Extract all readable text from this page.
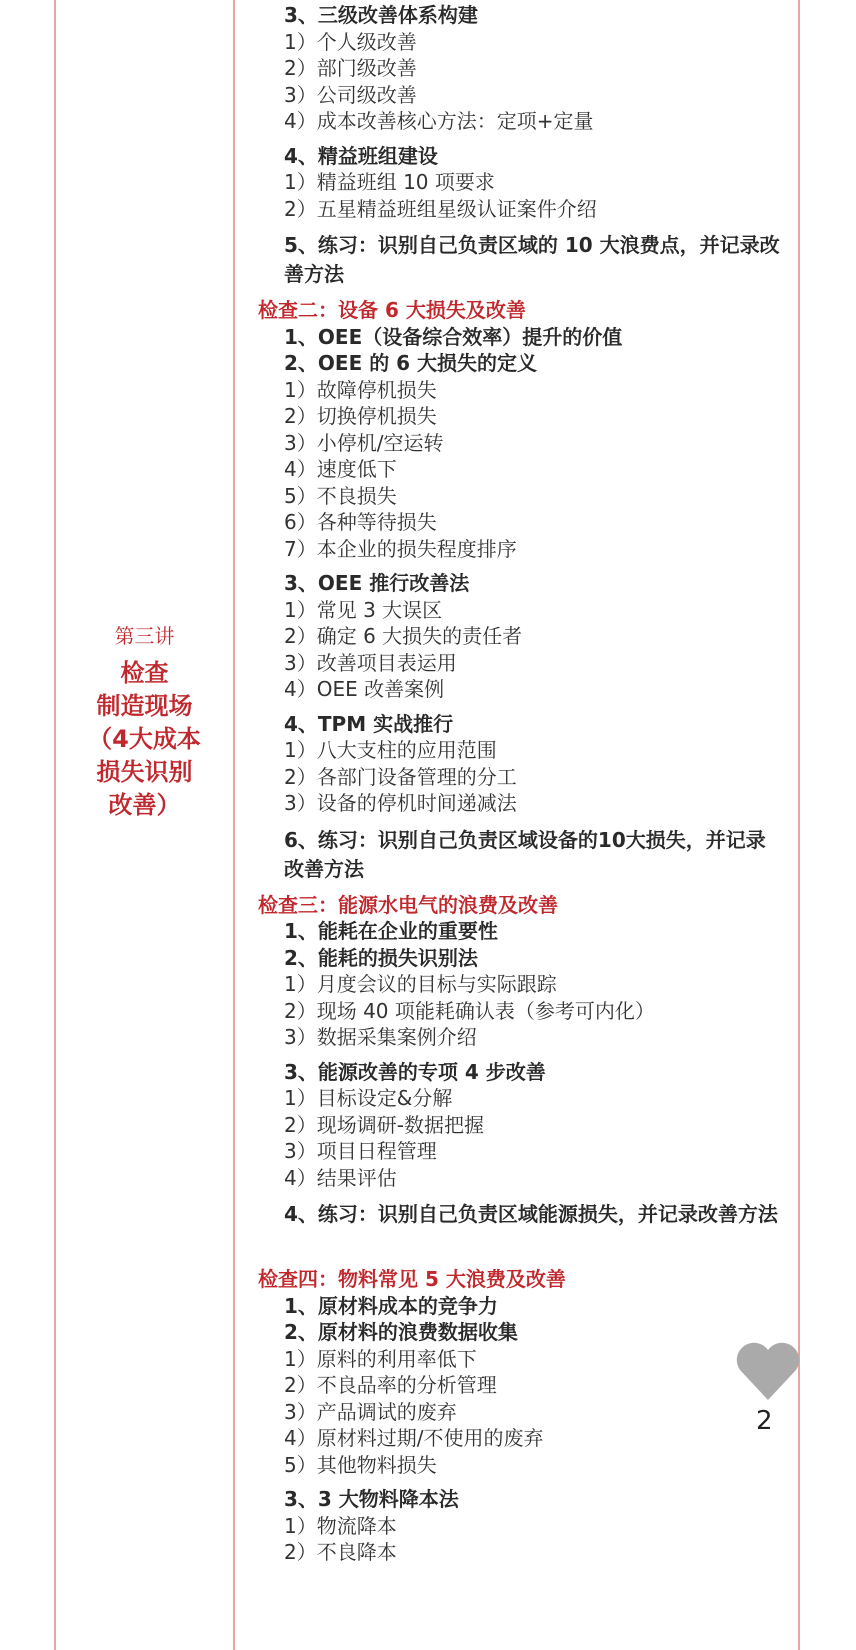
第三讲
检查
制造现场
（4大成本
损失识别
改善）
3、三级改善体系构建
1）个人级改善
2）部门级改善
3）公司级改善
4）成本改善核心方法：定项+定量
4、精益班组建设
1）精益班组 10 项要求
2）五星精益班组星级认证案件介绍
5、练习：识别自己负责区域的 10 大浪费点，并记录改善方法
检查二：设备 6 大损失及改善
1、OEE（设备综合效率）提升的价值
2、OEE 的 6 大损失的定义
1）故障停机损失
2）切换停机损失
3）小停机/空运转
4）速度低下
5）不良损失
6）各种等待损失
7）本企业的损失程度排序
3、OEE 推行改善法
1）常见 3 大误区
2）确定 6 大损失的责任者
3）改善项目表运用
4）OEE 改善案例
4、TPM 实战推行
1）八大支柱的应用范围
2）各部门设备管理的分工
3）设备的停机时间递减法
6、练习：识别自己负责区域设备的10大损失，并记录改善方法
检查三：能源水电气的浪费及改善
1、能耗在企业的重要性
2、能耗的损失识别法
1）月度会议的目标与实际跟踪
2）现场 40 项能耗确认表（参考可内化）
3）数据采集案例介绍
3、能源改善的专项 4 步改善
1）目标设定&分解
2）现场调研-数据把握
3）项目日程管理
4）结果评估
4、练习：识别自己负责区域能源损失，并记录改善方法
检查四：物料常见 5 大浪费及改善
1、原材料成本的竞争力
2、原材料的浪费数据收集
1）原料的利用率低下
2）不良品率的分析管理
3）产品调试的废弃
4）原材料过期/不使用的废弃
5）其他物料损失
3、3 大物料降本法
1）物流降本
2）不良降本
2
